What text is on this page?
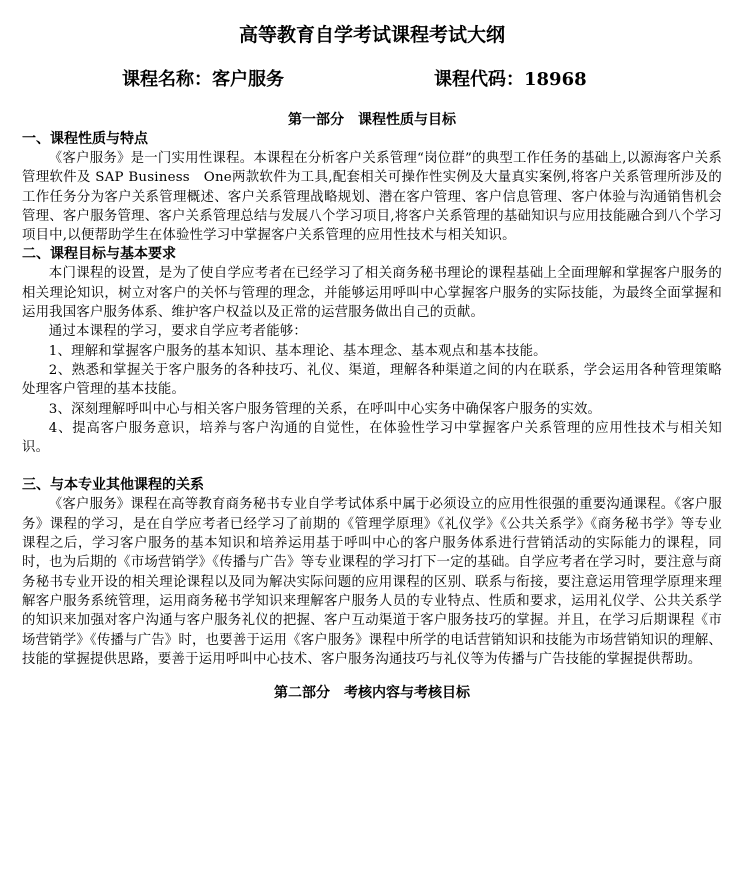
高等教育自学考试课程考试大纲
课程名称：客户服务	课程代码：18968
第一部分　课程性质与目标
一、课程性质与特点

《客户服务》是一门实用性课程。本课程在分析客户关系管理“岗位群”的典型工作任务的基础上,以源海客户关系管理软件及 SAP Business　One两款软件为工具,配套相关可操作性实例及大量真实案例,将客户关系管理所涉及的工作任务分为客户关系管理概述、客户关系管理战略规划、潜在客户管理、客户信息管理、客户体验与沟通销售机会管理、客户服务管理、客户关系管理总结与发展八个学习项目,将客户关系管理的基础知识与应用技能融合到八个学习项目中,以便帮助学生在体验性学习中掌握客户关系管理的应用性技术与相关知识。

二、课程目标与基本要求

本门课程的设置，是为了使自学应考者在已经学习了相关商务秘书理论的课程基础上全面理解和掌握客户服务的相关理论知识，树立对客户的关怀与管理的理念，并能够运用呼叫中心掌握客户服务的实际技能，为最终全面掌握和运用我国客户服务体系、维护客户权益以及正常的运营服务做出自己的贡献。

通过本课程的学习，要求自学应考者能够：

1、理解和掌握客户服务的基本知识、基本理论、基本理念、基本观点和基本技能。

2、熟悉和掌握关于客户服务的各种技巧、礼仪、渠道，理解各种渠道之间的内在联系，学会运用各种管理策略处理客户管理的基本技能。

3、深刻理解呼叫中心与相关客户服务管理的关系，在呼叫中心实务中确保客户服务的实效。

4、提高客户服务意识，培养与客户沟通的自觉性，在体验性学习中掌握客户关系管理的应用性技术与相关知识。

三、与本专业其他课程的关系

《客户服务》课程在高等教育商务秘书专业自学考试体系中属于必须设立的应用性很强的重要沟通课程。《客户服务》课程的学习，是在自学应考者已经学习了前期的《管理学原理》《礼仪学》《公共关系学》《商务秘书学》等专业课程之后，学习客户服务的基本知识和培养运用基于呼叫中心的客户服务体系进行营销活动的实际能力的课程，同时，也为后期的《市场营销学》《传播与广告》等专业课程的学习打下一定的基础。自学应考者在学习时，要注意与商务秘书专业开设的相关理论课程以及同为解决实际问题的应用课程的区别、联系与衔接，要注意运用管理学原理来理解客户服务系统管理，运用商务秘书学知识来理解客户服务人员的专业特点、性质和要求，运用礼仪学、公共关系学的知识来加强对客户沟通与客户服务礼仪的把握、客户互动渠道于客户服务技巧的掌握。并且，在学习后期课程《市场营销学》《传播与广告》时，也要善于运用《客户服务》课程中所学的电话营销知识和技能为市场营销知识的理解、技能的掌握提供思路，要善于运用呼叫中心技术、客户服务沟通技巧与礼仪等为传播与广告技能的掌握提供帮助。

第二部分　考核内容与考核目标
